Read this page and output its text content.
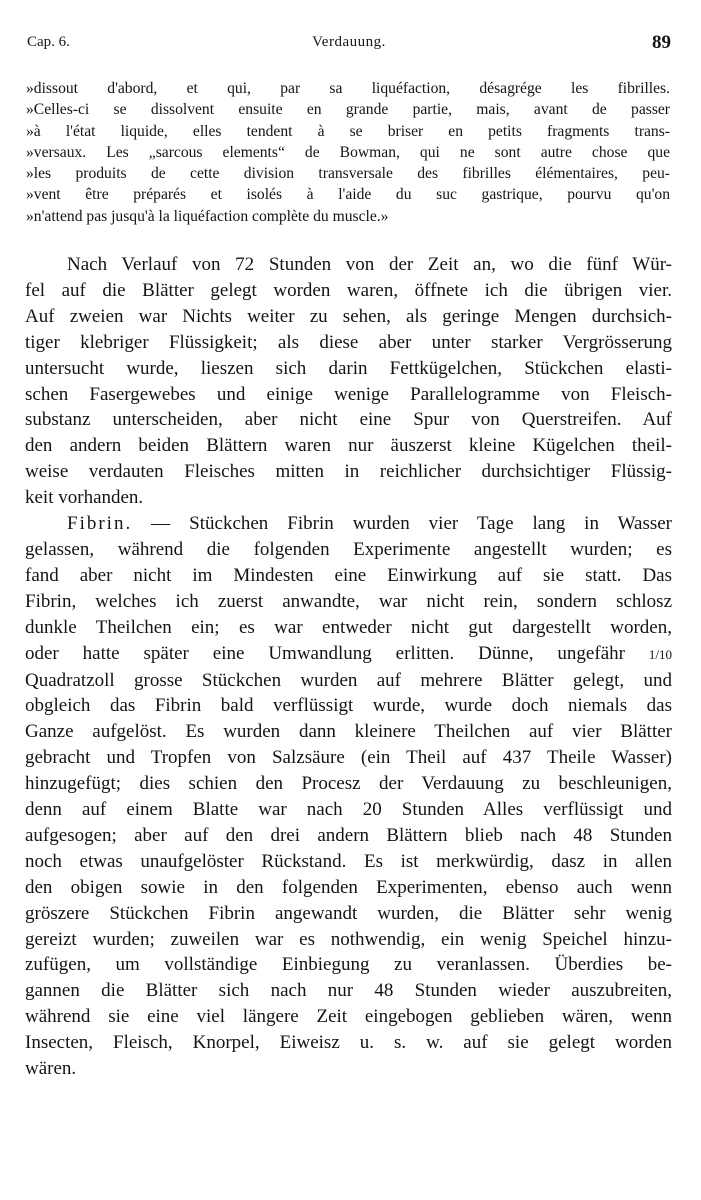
Cap. 6.	Verdauung.	89
»dissout d'abord, et qui, par sa liquéfaction, désagrége les fibrilles.
»Celles-ci se dissolvent ensuite en grande partie, mais, avant de passer
»à l'état liquide, elles tendent à se briser en petits fragments trans-
»versaux. Les „sarcous elements“ de Bowman, qui ne sont autre chose que
»les produits de cette division transversale des fibrilles élémentaires, peu-
»vent être préparés et isolés à l'aide du suc gastrique, pourvu qu'on
»n'attend pas jusqu'à la liquéfaction complète du muscle.»
Nach Verlauf von 72 Stunden von der Zeit an, wo die fünf Wür-
fel auf die Blätter gelegt worden waren, öffnete ich die übrigen vier.
Auf zweien war Nichts weiter zu sehen, als geringe Mengen durchsich-
tiger klebriger Flüssigkeit; als diese aber unter starker Vergrösserung
untersucht wurde, lieszen sich darin Fettkügelchen, Stückchen elasti-
schen Fasergewebes und einige wenige Parallelogramme von Fleisch-
substanz unterscheiden, aber nicht eine Spur von Querstreifen. Auf
den andern beiden Blättern waren nur äuszerst kleine Kügelchen theil-
weise verdauten Fleisches mitten in reichlicher durchsichtiger Flüssig-
keit vorhanden.
Fibrin. — Stückchen Fibrin wurden vier Tage lang in Wasser
gelassen, während die folgenden Experimente angestellt wurden; es
fand aber nicht im Mindesten eine Einwirkung auf sie statt. Das
Fibrin, welches ich zuerst anwandte, war nicht rein, sondern schlosz
dunkle Theilchen ein; es war entweder nicht gut dargestellt worden,
oder hatte später eine Umwandlung erlitten. Dünne, ungefähr 1/10
Quadratzoll grosse Stückchen wurden auf mehrere Blätter gelegt, und
obgleich das Fibrin bald verflüssigt wurde, wurde doch niemals das
Ganze aufgelöst. Es wurden dann kleinere Theilchen auf vier Blätter
gebracht und Tropfen von Salzsäure (ein Theil auf 437 Theile Wasser)
hinzugefügt; dies schien den Procesz der Verdauung zu beschleunigen,
denn auf einem Blatte war nach 20 Stunden Alles verflüssigt und
aufgesogen; aber auf den drei andern Blättern blieb nach 48 Stunden
noch etwas unaufgelöster Rückstand. Es ist merkwürdig, dasz in allen
den obigen sowie in den folgenden Experimenten, ebenso auch wenn
gröszere Stückchen Fibrin angewandt wurden, die Blätter sehr wenig
gereizt wurden; zuweilen war es nothwendig, ein wenig Speichel hinzu-
zufügen, um vollständige Einbiegung zu veranlassen. Überdies be-
gannen die Blätter sich nach nur 48 Stunden wieder auszubreiten,
während sie eine viel längere Zeit eingebogen geblieben wären, wenn
Insecten, Fleisch, Knorpel, Eiweisz u. s. w. auf sie gelegt worden
wären.
